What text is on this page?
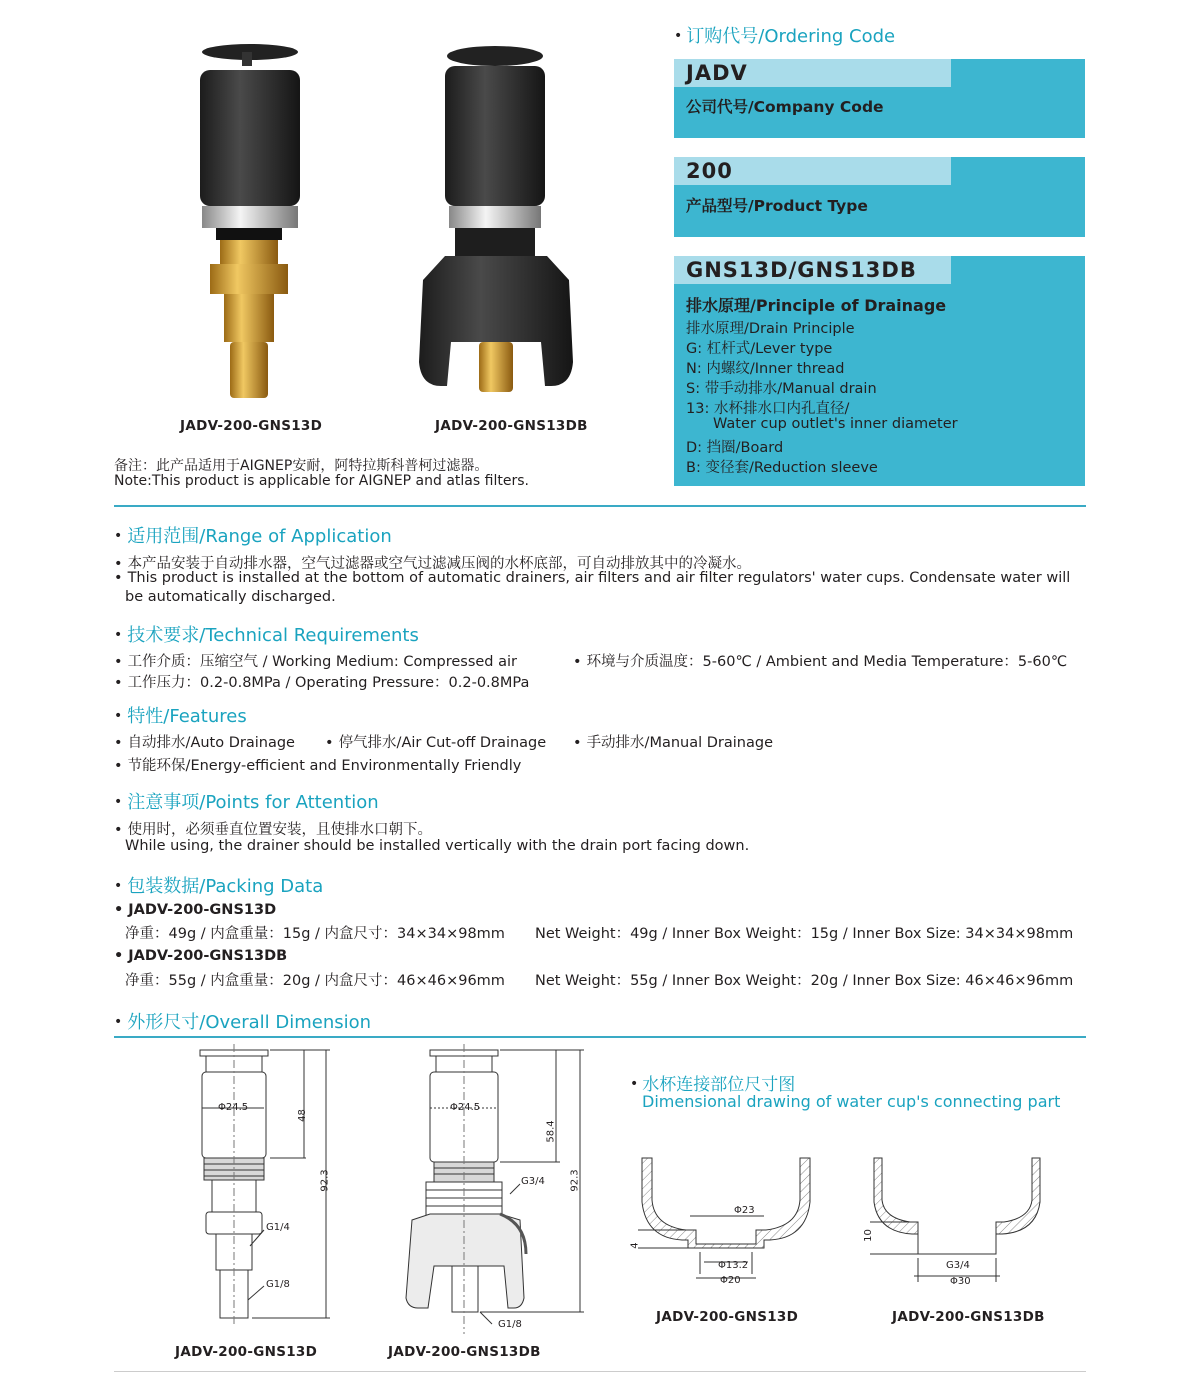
JADV-200-GNS13D	JADV-200-GNS13DB
备注：此产品适用于AIGNEP安耐，阿特拉斯科普柯过滤器。
Note:This product is applicable for AIGNEP and atlas filters.
• 订购代号/Ordering Code
JADV
公司代号/Company Code
200
产品型号/Product Type
GNS13D/GNS13DB
排水原理/Principle of Drainage
排水原理/Drain Principle
G: 杠杆式/Lever type
N: 内螺纹/Inner thread
S: 带手动排水/Manual drain
13: 水杯排水口内孔直径/
Water cup outlet's inner diameter
D: 挡圈/Board
B: 变径套/Reduction sleeve
• 适用范围/Range of Application
• 本产品安装于自动排水器，空气过滤器或空气过滤减压阀的水杯底部，可自动排放其中的冷凝水。
• This product is installed at the bottom of automatic drainers, air filters and air filter regulators' water cups. Condensate water will
be automatically discharged.
• 技术要求/Technical Requirements
• 工作介质：压缩空气 / Working Medium: Compressed air	• 环境与介质温度：5-60℃ / Ambient and Media Temperature：5-60℃
• 工作压力：0.2-0.8MPa / Operating Pressure：0.2-0.8MPa
• 特性/Features
• 自动排水/Auto Drainage • 停气排水/Air Cut-off Drainage • 手动排水/Manual Drainage
• 节能环保/Energy-efficient and Environmentally Friendly
• 注意事项/Points for Attention
• 使用时，必须垂直位置安装，且使排水口朝下。
While using, the drainer should be installed vertically with the drain port facing down.
• 包装数据/Packing Data
• JADV-200-GNS13D
净重：49g / 内盒重量：15g / 内盒尺寸：34×34×98mm Net Weight：49g / Inner Box Weight：15g / Inner Box Size: 34×34×98mm
• JADV-200-GNS13DB
净重：55g / 内盒重量：20g / 内盒尺寸：46×46×96mm Net Weight：55g / Inner Box Weight：20g / Inner Box Size: 46×46×96mm
• 外形尺寸/Overall Dimension
Φ24.5
48
92.3
G1/4
G1/8
Φ24.5
58.4
92.3
G3/4
G1/8
JADV-200-GNS13D	JADV-200-GNS13DB
• 水杯连接部位尺寸图
Dimensional drawing of water cup's connecting part
Φ23
Φ13.2
Φ20
4
G3/4
Φ30
10
JADV-200-GNS13D	JADV-200-GNS13DB
